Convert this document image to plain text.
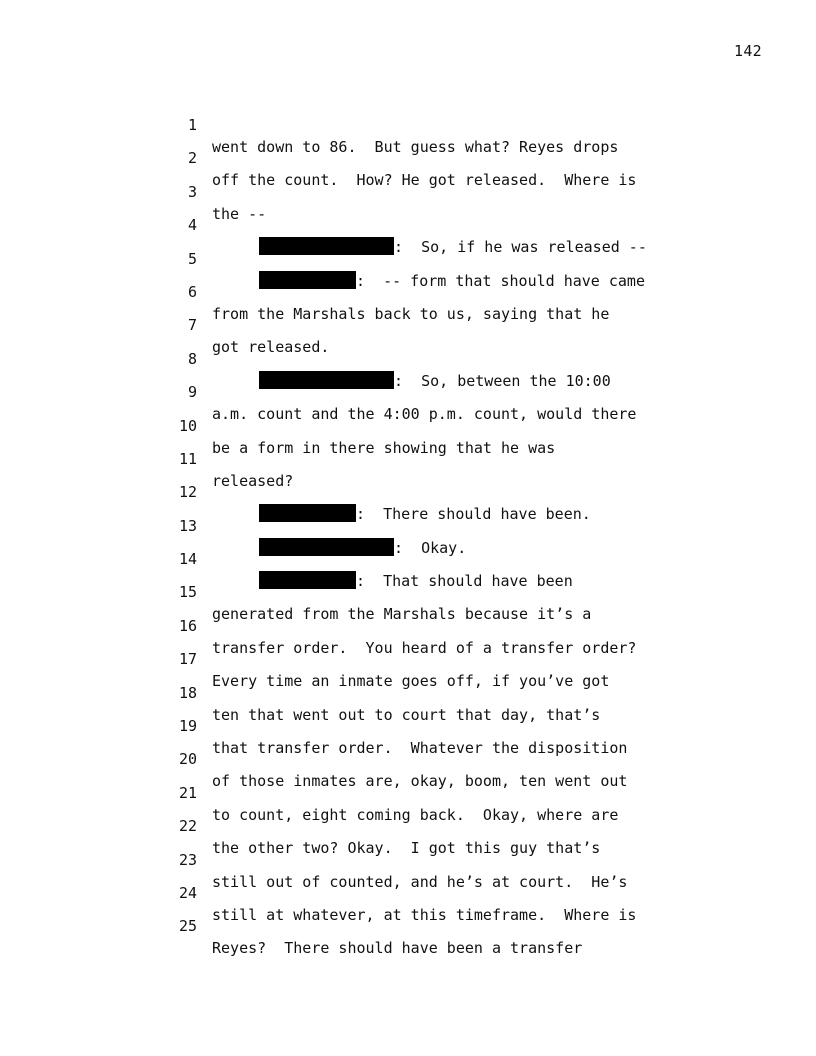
142

1

went down to 86.  But guess what? Reyes drops

2

off the count.  How? He got released.  Where is

3

the --

4

:  So, if he was released --

5

:  -- form that should have came

6

from the Marshals back to us, saying that he

7

got released.

8

:  So, between the 10:00

9

a.m. count and the 4:00 p.m. count, would there

10

be a form in there showing that he was

11

released?

12

:  There should have been.

13

:  Okay.

14

:  That should have been

15

generated from the Marshals because it’s a

16

transfer order.  You heard of a transfer order?

17

Every time an inmate goes off, if you’ve got

18

ten that went out to court that day, that’s

19

that transfer order.  Whatever the disposition

20

of those inmates are, okay, boom, ten went out

21

to count, eight coming back.  Okay, where are

22

the other two? Okay.  I got this guy that’s

23

still out of counted, and he’s at court.  He’s

24

still at whatever, at this timeframe.  Where is

25

Reyes?  There should have been a transfer
